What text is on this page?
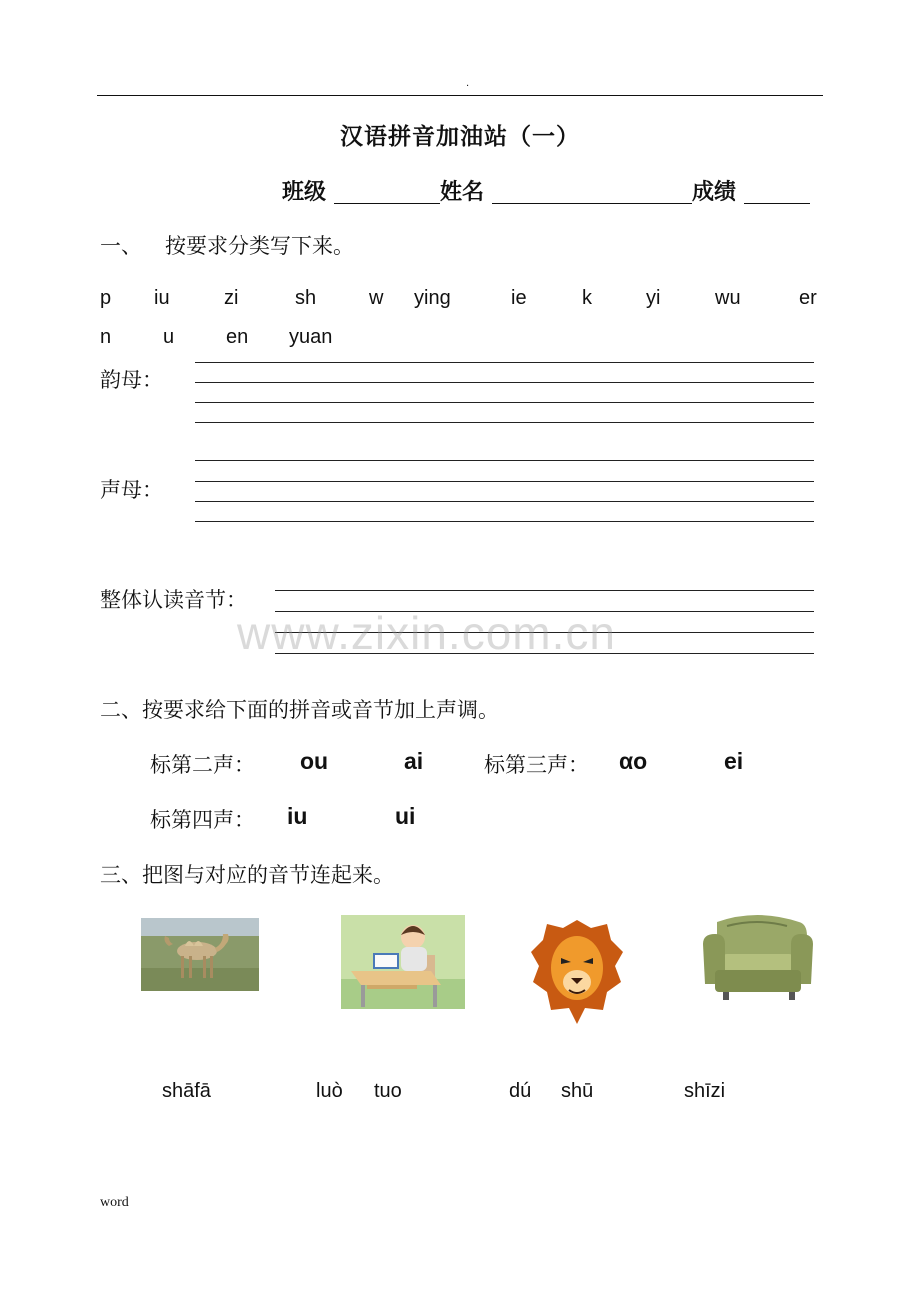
.
汉语拼音加油站（一）
班级	姓名	成绩
一、 按要求分类写下来。
p iu	zi	sh	w ying	ie	k	yi	wu	er
n	u	en yuan
韵母：
声母：
整体认读音节：
www.zixin.com.cn
二、按要求给下面的拼音或音节加上声调。
标第二声： ou	ai	标第三声： αo	ei
标第四声： iu	ui
三、把图与对应的音节连起来。
shāfā	luò tuo	dú shū	shīzi
word
